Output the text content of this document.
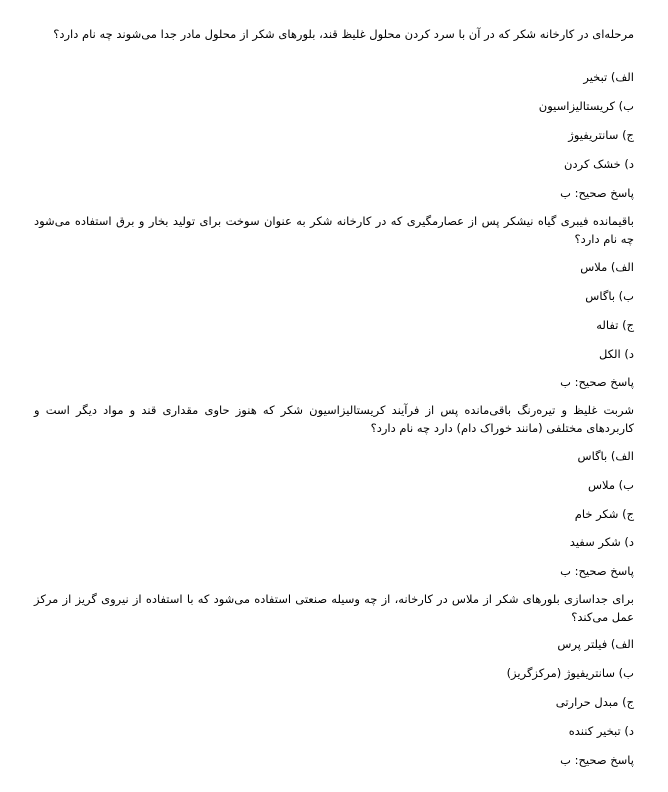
مرحله‌ای در کارخانه شکر که در آن با سرد کردن محلول غلیظ قند، بلورهای شکر از محلول مادر جدا می‌شوند چه نام دارد؟
الف) تبخیر
ب) کریستالیزاسیون
ج) سانتریفیوژ
د) خشک کردن
پاسخ صحیح: ب
باقیمانده فیبری گیاه نیشکر پس از عصارمگیری که در کارخانه شکر به عنوان سوخت برای تولید بخار و برق استفاده می‌شود چه نام دارد؟
الف) ملاس
ب) باگاس
ج) تفاله
د) الکل
پاسخ صحیح: ب
شربت غلیظ و تیره‌رنگ باقی‌مانده پس از فرآیند کریستالیزاسیون شکر که هنوز حاوی مقداری قند و مواد دیگر است و کاربردهای مختلفی (مانند خوراک دام) دارد چه نام دارد؟
الف) باگاس
ب) ملاس
ج) شکر خام
د) شکر سفید
پاسخ صحیح: ب
برای جداسازی بلورهای شکر از ملاس در کارخانه، از چه وسیله صنعتی استفاده می‌شود که با استفاده از نیروی گریز از مرکز عمل می‌کند؟
الف) فیلتر پرس
ب) سانتریفیوژ (مرکزگریز)
ج) مبدل حرارتی
د) تبخیر کننده
پاسخ صحیح: ب
